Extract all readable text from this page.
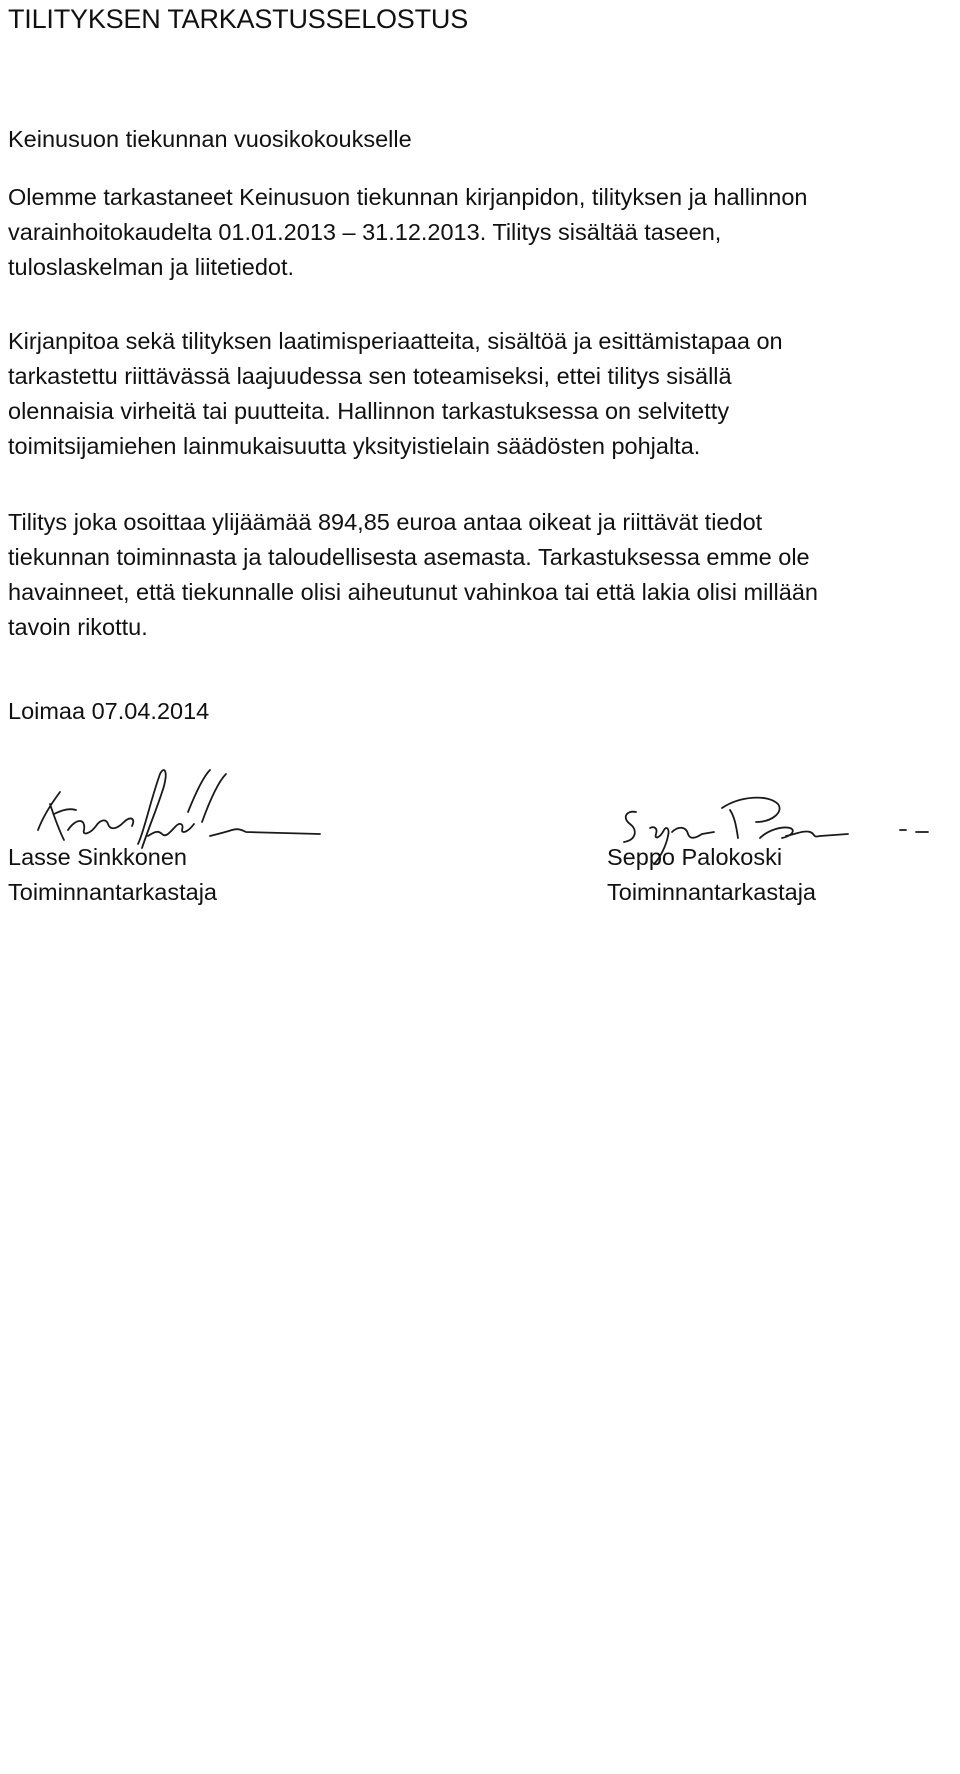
TILITYKSEN TARKASTUSSELOSTUS

Keinusuon tiekunnan vuosikokoukselle

Olemme tarkastaneet Keinusuon tiekunnan kirjanpidon, tilityksen ja hallinnon
varainhoitokaudelta 01.01.2013 – 31.12.2013. Tilitys sisältää taseen,
tuloslaskelman ja liitetiedot.

Kirjanpitoa sekä tilityksen laatimisperiaatteita, sisältöä ja esittämistapaa on
tarkastettu riittävässä laajuudessa sen toteamiseksi, ettei tilitys sisällä
olennaisia virheitä tai puutteita. Hallinnon tarkastuksessa on selvitetty
toimitsijamiehen lainmukaisuutta yksityistielain säädösten pohjalta.

Tilitys joka osoittaa ylijäämää 894,85 euroa antaa oikeat ja riittävät tiedot
tiekunnan toiminnasta ja taloudellisesta asemasta. Tarkastuksessa emme ole
havainneet, että tiekunnalle olisi aiheutunut vahinkoa tai että lakia olisi millään
tavoin rikottu.

Loimaa 07.04.2014
Lasse Sinkkonen
Toiminnantarkastaja
Seppo Palokoski
Toiminnantarkastaja
